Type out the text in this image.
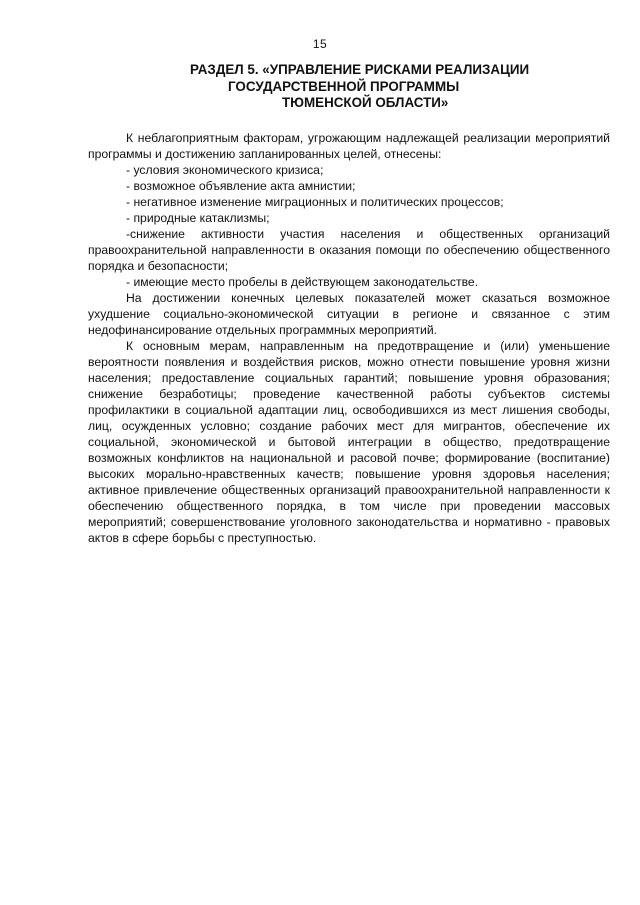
15
РАЗДЕЛ 5. «УПРАВЛЕНИЕ РИСКАМИ РЕАЛИЗАЦИИ
ГОСУДАРСТВЕННОЙ ПРОГРАММЫ
ТЮМЕНСКОЙ ОБЛАСТИ»

К неблагоприятным факторам, угрожающим надлежащей реализации мероприятий программы и достижению запланированных целей, отнесены:

- условия экономического кризиса;

- возможное объявление акта амнистии;

- негативное изменение миграционных и политических процессов;

- природные катаклизмы;

-снижение активности участия населения и общественных организаций правоохранительной направленности в оказания помощи по обеспечению общественного порядка и безопасности;

- имеющие место пробелы в действующем законодательстве.

На достижении конечных целевых показателей может сказаться возможное ухудшение социально-экономической ситуации в регионе и связанное с этим недофинансирование отдельных программных мероприятий.

К основным мерам, направленным на предотвращение и (или) уменьшение вероятности появления и воздействия рисков, можно отнести повышение уровня жизни населения; предоставление социальных гарантий; повышение уровня образования; снижение безработицы; проведение качественной работы субъектов системы профилактики в социальной адаптации лиц, освободившихся из мест лишения свободы, лиц, осужденных условно; создание рабочих мест для мигрантов, обеспечение их социальной, экономической и бытовой интеграции в общество, предотвращение возможных конфликтов на национальной и расовой почве; формирование (воспитание) высоких морально-нравственных качеств; повышение уровня здоровья населения; активное привлечение общественных организаций правоохранительной направленности к обеспечению общественного порядка, в том числе при проведении массовых мероприятий; совершенствование уголовного законодательства и нормативно - правовых актов в сфере борьбы с преступностью.
